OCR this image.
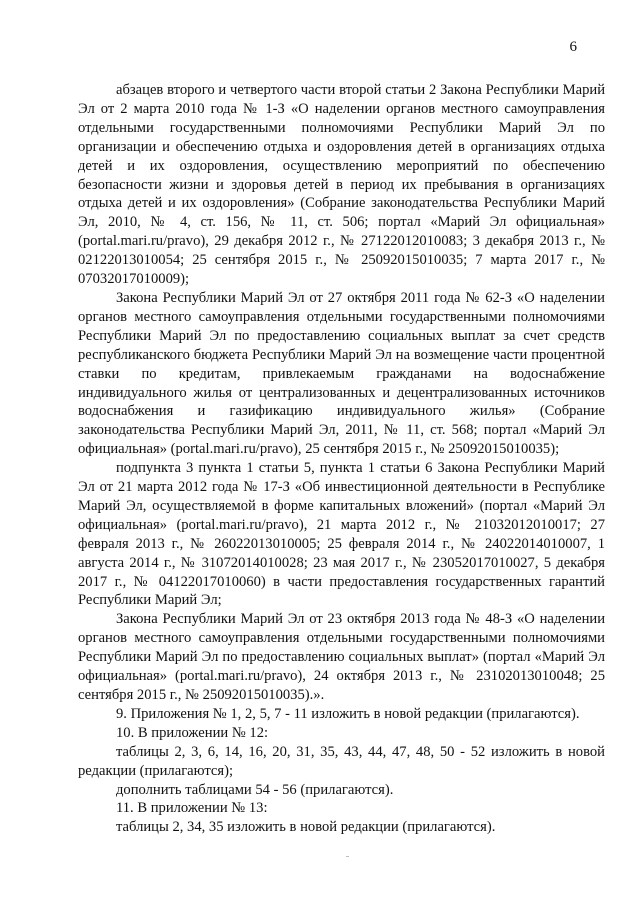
6

абзацев второго и четвертого части второй статьи 2 Закона Республики Марий Эл от 2 марта 2010 года № 1-З «О наделении органов местного самоуправления отдельными государственными полномочиями Республики Марий Эл по организации и обеспечению отдыха и оздоровления детей в организациях отдыха детей и их оздоровления, осуществлению мероприятий по обеспечению безопасности жизни и здоровья детей в период их пребывания в организациях отдыха детей и их оздоровления» (Собрание законодательства Республики Марий Эл, 2010, № 4, ст. 156, № 11, ст. 506; портал «Марий Эл официальная» (portal.mari.ru/pravo), 29 декабря 2012 г., № 27122012010083; 3 декабря 2013 г., № 02122013010054; 25 сентября 2015 г., № 25092015010035; 7 марта 2017 г., № 07032017010009);

Закона Республики Марий Эл от 27 октября 2011 года № 62-З «О наделении органов местного самоуправления отдельными государственными полномочиями Республики Марий Эл по предоставлению социальных выплат за счет средств республиканского бюджета Республики Марий Эл на возмещение части процентной ставки по кредитам, привлекаемым гражданами на водоснабжение индивидуального жилья от централизованных и децентрализованных источников водоснабжения и газификацию индивидуального жилья» (Собрание законодательства Республики Марий Эл, 2011, № 11, ст. 568; портал «Марий Эл официальная» (portal.mari.ru/pravo), 25 сентября 2015 г., № 25092015010035);

подпункта 3 пункта 1 статьи 5, пункта 1 статьи 6 Закона Республики Марий Эл от 21 марта 2012 года № 17-З «Об инвестиционной деятельности в Республике Марий Эл, осуществляемой в форме капитальных вложений» (портал «Марий Эл официальная» (portal.mari.ru/pravo), 21 марта 2012 г., № 21032012010017; 27 февраля 2013 г., № 26022013010005; 25 февраля 2014 г., № 24022014010007, 1 августа 2014 г., № 31072014010028; 23 мая 2017 г., № 23052017010027, 5 декабря 2017 г., № 04122017010060) в части предоставления государственных гарантий Республики Марий Эл;

Закона Республики Марий Эл от 23 октября 2013 года № 48-З «О наделении органов местного самоуправления отдельными государственными полномочиями Республики Марий Эл по предоставлению социальных выплат» (портал «Марий Эл официальная» (portal.mari.ru/pravo), 24 октября 2013 г., № 23102013010048; 25 сентября 2015 г., № 25092015010035).».

9. Приложения № 1, 2, 5, 7 - 11 изложить в новой редакции (прилагаются).

10. В приложении № 12:

таблицы 2, 3, 6, 14, 16, 20, 31, 35, 43, 44, 47, 48, 50 - 52 изложить в новой редакции (прилагаются);

дополнить таблицами 54 - 56 (прилагаются).

11. В приложении № 13:

таблицы 2, 34, 35 изложить в новой редакции (прилагаются).
